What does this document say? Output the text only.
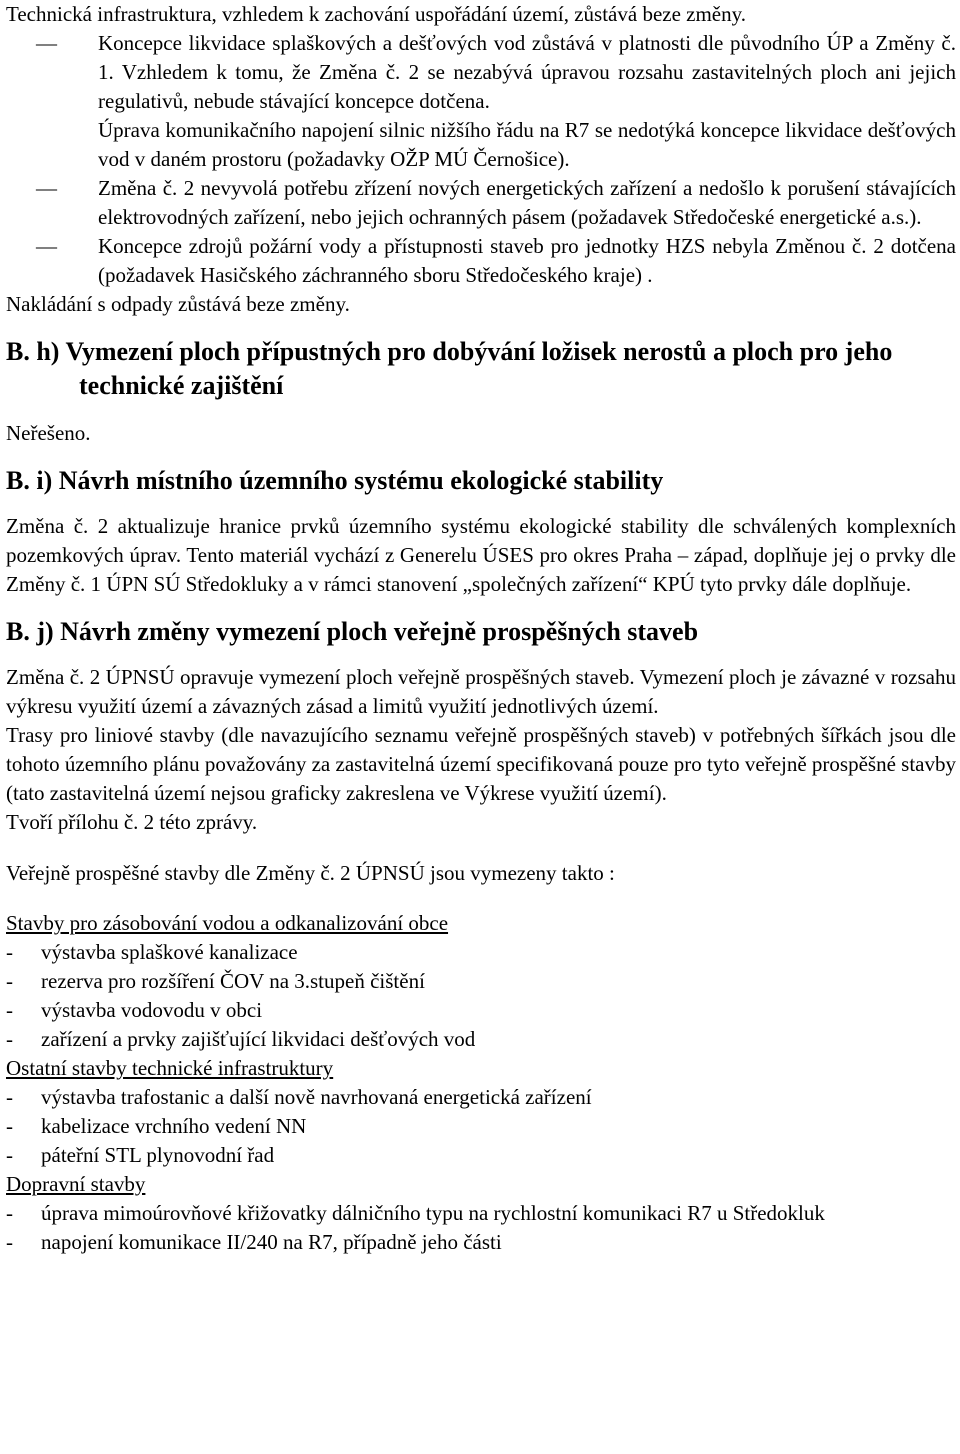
Technická infrastruktura, vzhledem k zachování uspořádání území, zůstává beze změny.

— Koncepce likvidace splaškových a dešťových vod zůstává v platnosti dle původního ÚP a Změny č. 1. Vzhledem k tomu, že Změna č. 2 se nezabývá úpravou rozsahu zastavitelných ploch ani jejich regulativů, nebude stávající koncepce dotčena.

Úprava komunikačního napojení silnic nižšího řádu na R7 se nedotýká koncepce likvidace dešťových vod v daném prostoru (požadavky OŽP MÚ Černošice).

— Změna č. 2 nevyvolá potřebu zřízení nových energetických zařízení a nedošlo k porušení stávajících elektrovodných zařízení, nebo jejich ochranných pásem (požadavek Středočeské energetické a.s.).

— Koncepce zdrojů požární vody a přístupnosti staveb pro jednotky HZS nebyla Změnou č. 2 dotčena (požadavek Hasičského záchranného sboru Středočeského kraje) .

Nakládání s odpady zůstává beze změny.

B. h) Vymezení ploch přípustných pro dobývání ložisek nerostů a ploch pro jeho technické zajištění

Neřešeno.

B. i) Návrh místního územního systému ekologické stability

Změna č. 2 aktualizuje hranice prvků územního systému ekologické stability dle schválených komplexních pozemkových úprav. Tento materiál vychází z Generelu ÚSES pro okres Praha – západ, doplňuje jej o prvky dle Změny č. 1 ÚPN SÚ Středokluky a v rámci stanovení „společných zařízení“ KPÚ tyto prvky dále doplňuje.

B. j) Návrh změny vymezení ploch veřejně prospěšných staveb

Změna č. 2 ÚPNSÚ opravuje vymezení ploch veřejně prospěšných staveb. Vymezení ploch je závazné v rozsahu výkresu využití území a závazných zásad a limitů využití jednotlivých území.

Trasy pro liniové stavby (dle navazujícího seznamu veřejně prospěšných staveb) v potřebných šířkách jsou dle tohoto územního plánu považovány za zastavitelná území specifikovaná pouze pro tyto veřejně prospěšné stavby (tato zastavitelná území nejsou graficky zakreslena ve Výkrese využití území).

Tvoří přílohu č. 2 této zprávy.

Veřejně prospěšné stavby dle Změny č. 2 ÚPNSÚ jsou vymezeny takto :

Stavby pro zásobování vodou a odkanalizování obce

- výstavba splaškové kanalizace
- rezerva pro rozšíření ČOV na 3.stupeň čištění
- výstavba vodovodu v obci
- zařízení a prvky zajišťující likvidaci dešťových vod

Ostatní stavby technické infrastruktury

- výstavba trafostanic a další nově navrhovaná energetická zařízení
- kabelizace vrchního vedení NN
- páteřní STL plynovodní řad

Dopravní stavby

- úprava mimoúrovňové křižovatky dálničního typu na rychlostní komunikaci R7 u Středokluk
- napojení komunikace II/240 na R7, případně jeho části
